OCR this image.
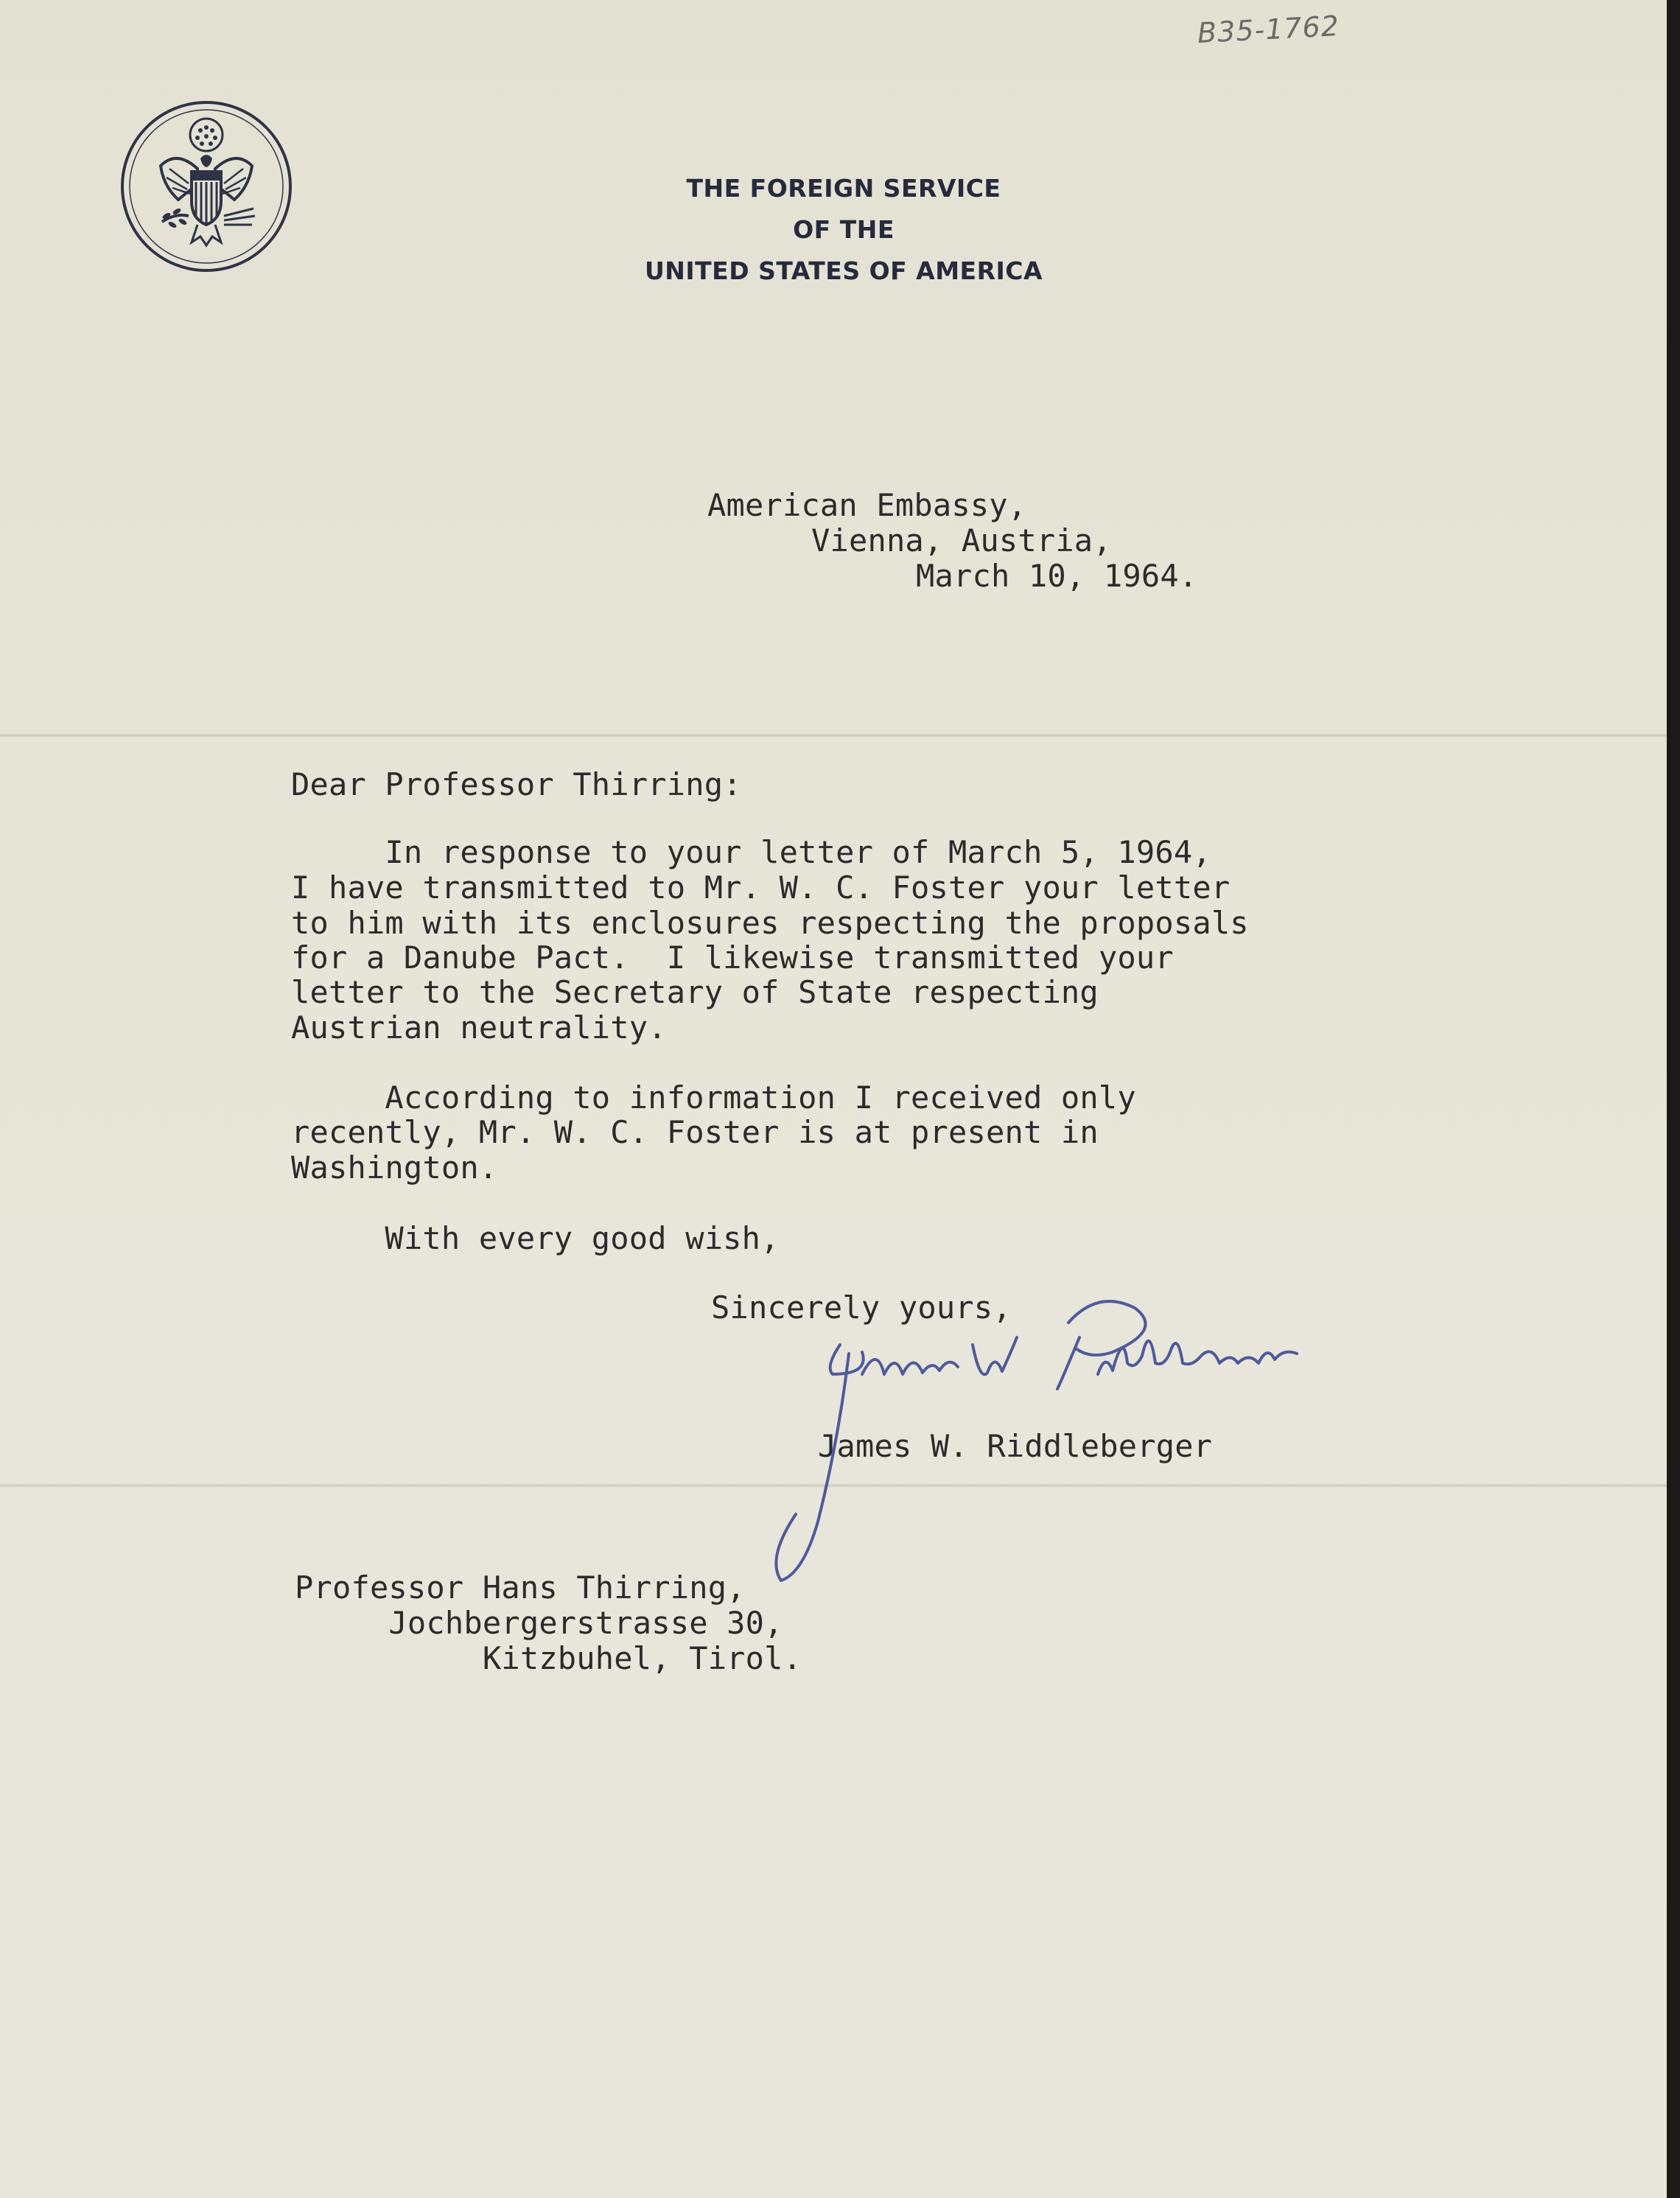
B35-1762
THE FOREIGN SERVICE
OF THE
UNITED STATES OF AMERICA
American Embassy,
Vienna, Austria,
March 10, 1964.
Dear Professor Thirring:
In response to your letter of March 5, 1964,
I have transmitted to Mr. W. C. Foster your letter
to him with its enclosures respecting the proposals
for a Danube Pact.  I likewise transmitted your
letter to the Secretary of State respecting
Austrian neutrality.
According to information I received only
recently, Mr. W. C. Foster is at present in
Washington.
With every good wish,
Sincerely yours,
James W. Riddleberger
Professor Hans Thirring,
Jochbergerstrasse 30,
Kitzbuhel, Tirol.
